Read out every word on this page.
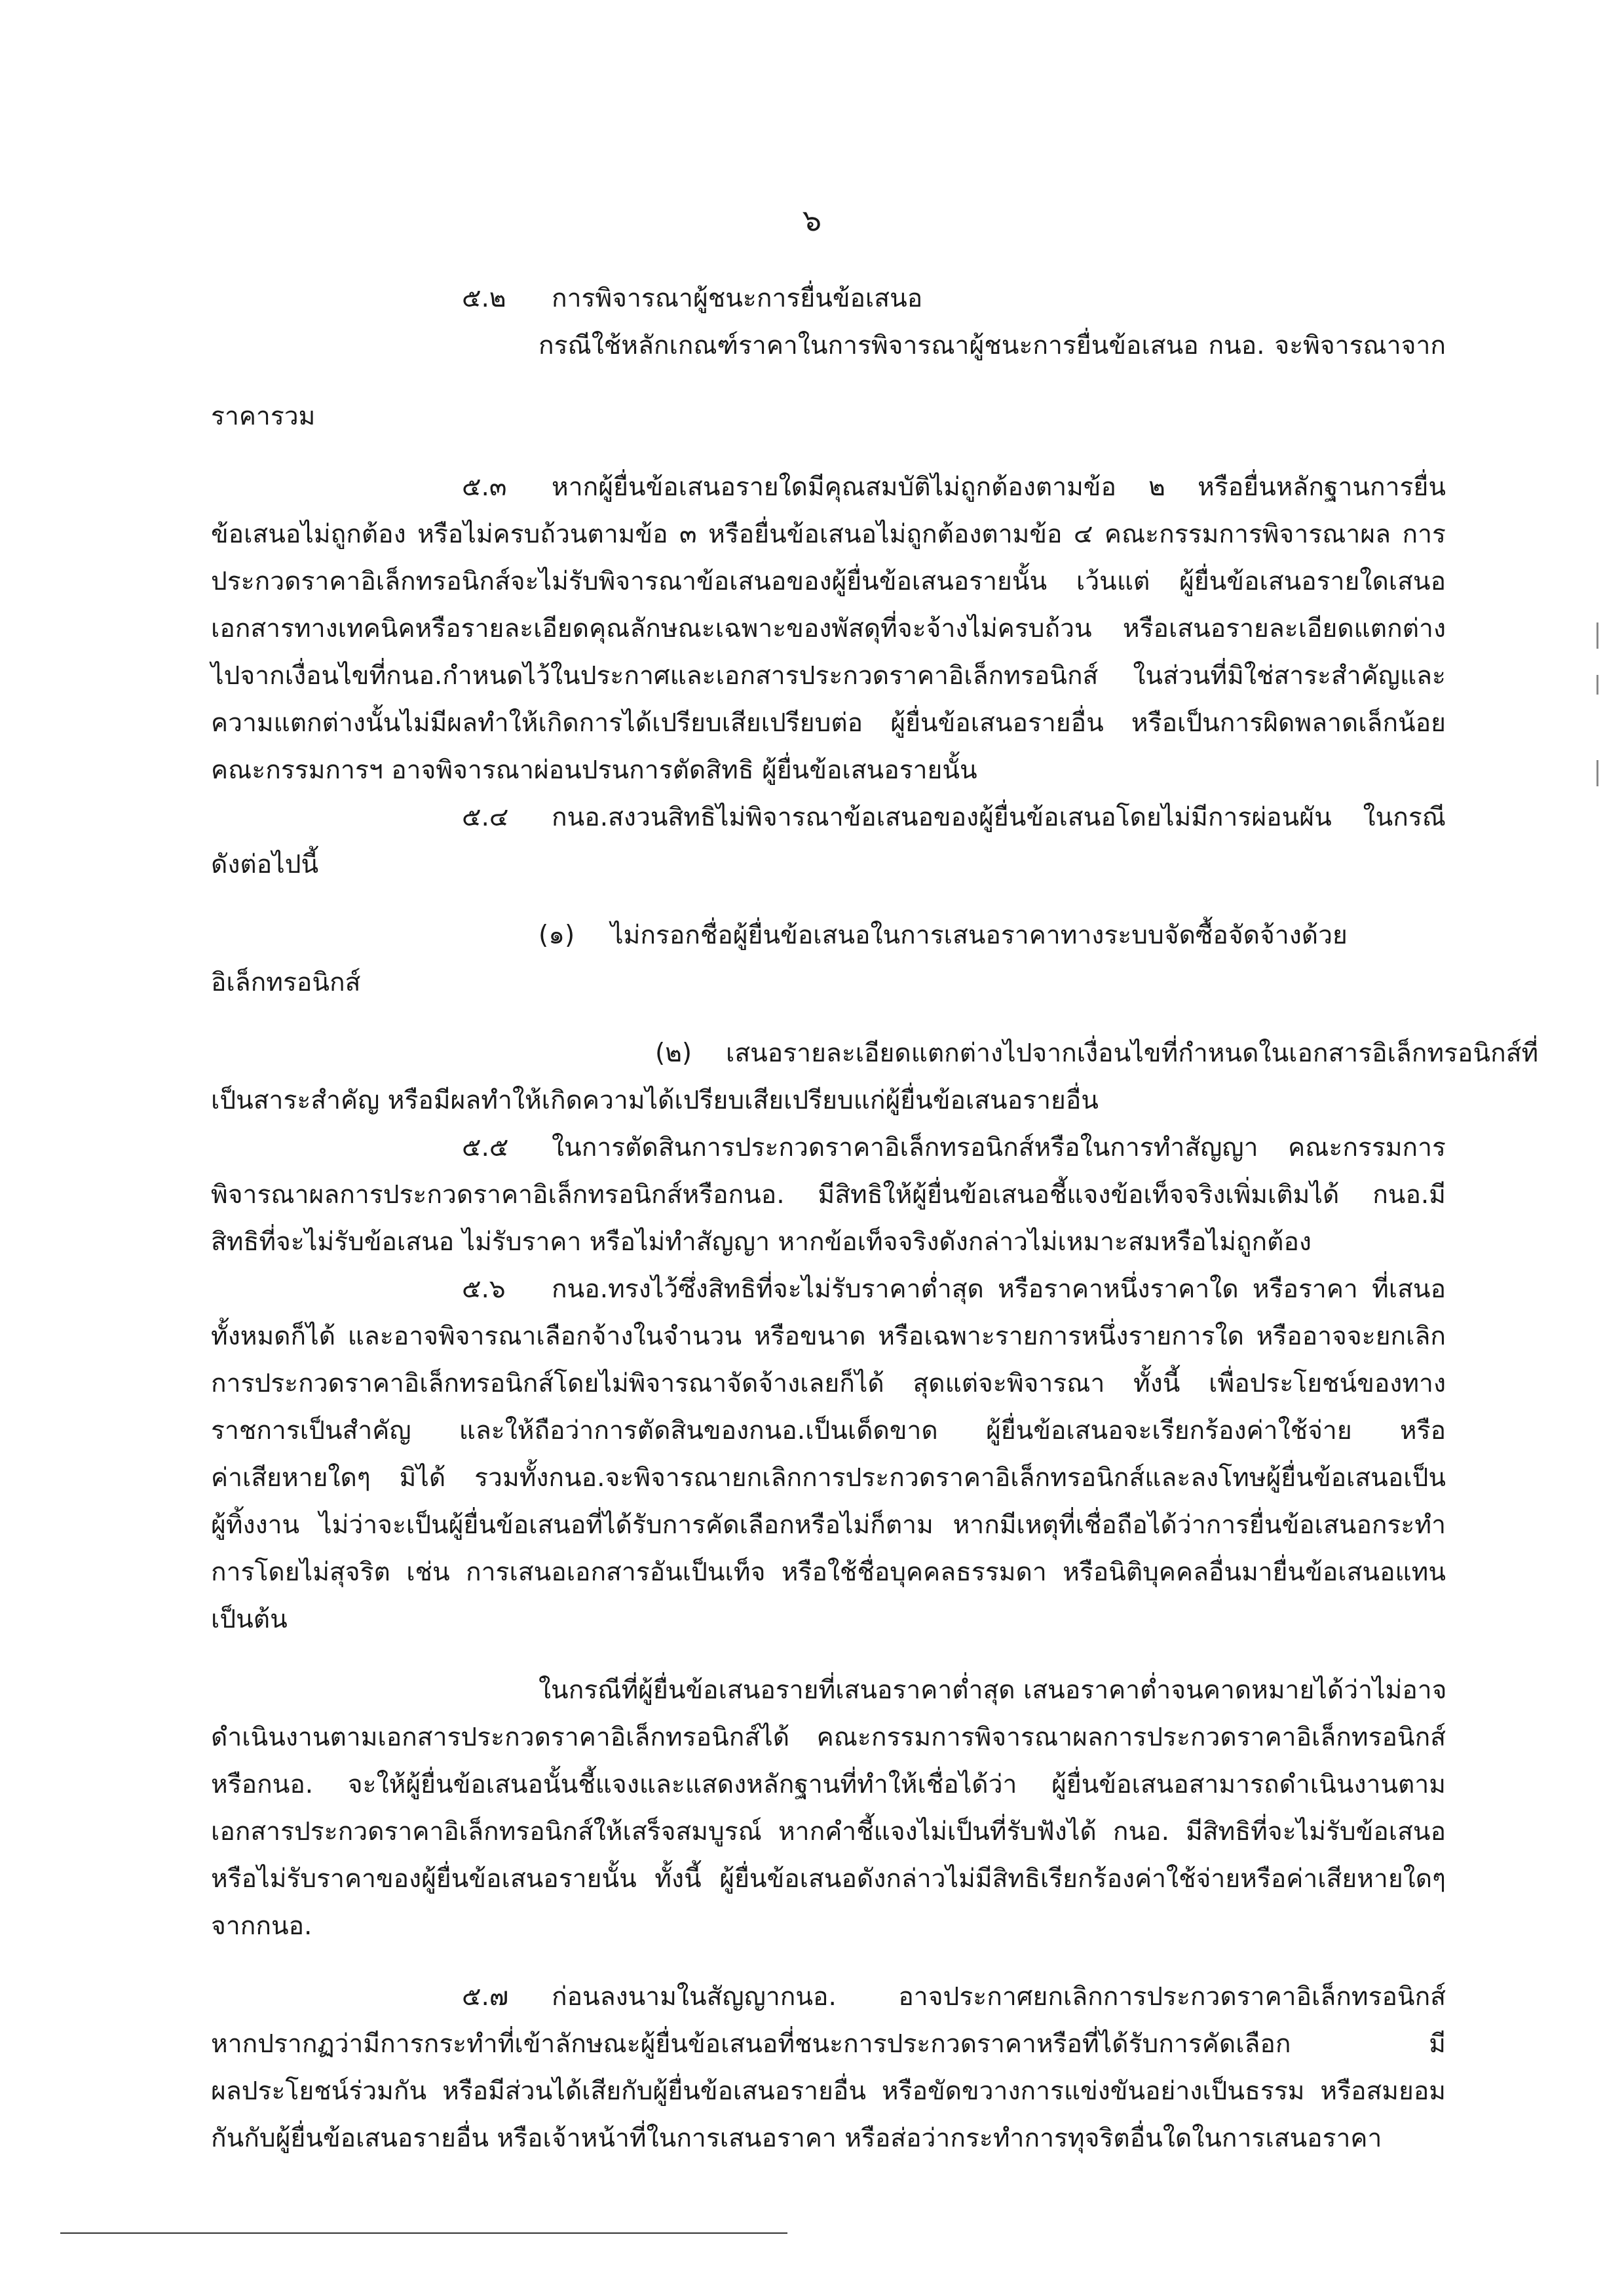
๖
๕.๒ การพิจารณาผู้ชนะการยื่นข้อเสนอ
กรณีใช้หลักเกณฑ์ราคาในการพิจารณาผู้ชนะการยื่นข้อเสนอ กนอ. จะพิจารณาจาก
ราคารวม
๕.๓ หากผู้ยื่นข้อเสนอรายใดมีคุณสมบัติไม่ถูกต้องตามข้อ ๒ หรือยื่นหลักฐานการยื่น
ข้อเสนอไม่ถูกต้อง หรือไม่ครบถ้วนตามข้อ ๓ หรือยื่นข้อเสนอไม่ถูกต้องตามข้อ ๔ คณะกรรมการพิจารณาผล การ
ประกวดราคาอิเล็กทรอนิกส์จะไม่รับพิจารณาข้อเสนอของผู้ยื่นข้อเสนอรายนั้น เว้นแต่ ผู้ยื่นข้อเสนอรายใดเสนอ
เอกสารทางเทคนิคหรือรายละเอียดคุณลักษณะเฉพาะของพัสดุที่จะจ้างไม่ครบถ้วน หรือเสนอรายละเอียดแตกต่าง
ไปจากเงื่อนไขที่กนอ.กำหนดไว้ในประกาศและเอกสารประกวดราคาอิเล็กทรอนิกส์ ในส่วนที่มิใช่สาระสำคัญและ
ความแตกต่างนั้นไม่มีผลทำให้เกิดการได้เปรียบเสียเปรียบต่อ ผู้ยื่นข้อเสนอรายอื่น หรือเป็นการผิดพลาดเล็กน้อย
คณะกรรมการฯ อาจพิจารณาผ่อนปรนการตัดสิทธิ ผู้ยื่นข้อเสนอรายนั้น
๕.๔ กนอ.สงวนสิทธิไม่พิจารณาข้อเสนอของผู้ยื่นข้อเสนอโดยไม่มีการผ่อนผัน ในกรณี
ดังต่อไปนี้
(๑) ไม่กรอกชื่อผู้ยื่นข้อเสนอในการเสนอราคาทางระบบจัดซื้อจัดจ้างด้วย
อิเล็กทรอนิกส์
(๒) เสนอรายละเอียดแตกต่างไปจากเงื่อนไขที่กำหนดในเอกสารอิเล็กทรอนิกส์ที่
เป็นสาระสำคัญ หรือมีผลทำให้เกิดความได้เปรียบเสียเปรียบแก่ผู้ยื่นข้อเสนอรายอื่น
๕.๕ ในการตัดสินการประกวดราคาอิเล็กทรอนิกส์หรือในการทำสัญญา คณะกรรมการ
พิจารณาผลการประกวดราคาอิเล็กทรอนิกส์หรือกนอ. มีสิทธิให้ผู้ยื่นข้อเสนอชี้แจงข้อเท็จจริงเพิ่มเติมได้ กนอ.มี
สิทธิที่จะไม่รับข้อเสนอ ไม่รับราคา หรือไม่ทำสัญญา หากข้อเท็จจริงดังกล่าวไม่เหมาะสมหรือไม่ถูกต้อง
๕.๖ กนอ.ทรงไว้ซึ่งสิทธิที่จะไม่รับราคาต่ำสุด หรือราคาหนึ่งราคาใด หรือราคา ที่เสนอ
ทั้งหมดก็ได้ และอาจพิจารณาเลือกจ้างในจำนวน หรือขนาด หรือเฉพาะรายการหนึ่งรายการใด หรืออาจจะยกเลิก
การประกวดราคาอิเล็กทรอนิกส์โดยไม่พิจารณาจัดจ้างเลยก็ได้ สุดแต่จะพิจารณา ทั้งนี้ เพื่อประโยชน์ของทาง
ราชการเป็นสำคัญ และให้ถือว่าการตัดสินของกนอ.เป็นเด็ดขาด ผู้ยื่นข้อเสนอจะเรียกร้องค่าใช้จ่าย หรือ
ค่าเสียหายใดๆ มิได้ รวมทั้งกนอ.จะพิจารณายกเลิกการประกวดราคาอิเล็กทรอนิกส์และลงโทษผู้ยื่นข้อเสนอเป็น
ผู้ทิ้งงาน ไม่ว่าจะเป็นผู้ยื่นข้อเสนอที่ได้รับการคัดเลือกหรือไม่ก็ตาม หากมีเหตุที่เชื่อถือได้ว่าการยื่นข้อเสนอกระทำ
การโดยไม่สุจริต เช่น การเสนอเอกสารอันเป็นเท็จ หรือใช้ชื่อบุคคลธรรมดา หรือนิติบุคคลอื่นมายื่นข้อเสนอแทน
เป็นต้น
ในกรณีที่ผู้ยื่นข้อเสนอรายที่เสนอราคาต่ำสุด เสนอราคาต่ำจนคาดหมายได้ว่าไม่อาจ
ดำเนินงานตามเอกสารประกวดราคาอิเล็กทรอนิกส์ได้ คณะกรรมการพิจารณาผลการประกวดราคาอิเล็กทรอนิกส์
หรือกนอ. จะให้ผู้ยื่นข้อเสนอนั้นชี้แจงและแสดงหลักฐานที่ทำให้เชื่อได้ว่า ผู้ยื่นข้อเสนอสามารถดำเนินงานตาม
เอกสารประกวดราคาอิเล็กทรอนิกส์ให้เสร็จสมบูรณ์ หากคำชี้แจงไม่เป็นที่รับฟังได้ กนอ. มีสิทธิที่จะไม่รับข้อเสนอ
หรือไม่รับราคาของผู้ยื่นข้อเสนอรายนั้น ทั้งนี้ ผู้ยื่นข้อเสนอดังกล่าวไม่มีสิทธิเรียกร้องค่าใช้จ่ายหรือค่าเสียหายใดๆ
จากกนอ.
๕.๗ ก่อนลงนามในสัญญากนอ. อาจประกาศยกเลิกการประกวดราคาอิเล็กทรอนิกส์
หากปรากฏว่ามีการกระทำที่เข้าลักษณะผู้ยื่นข้อเสนอที่ชนะการประกวดราคาหรือที่ได้รับการคัดเลือก มี
ผลประโยชน์ร่วมกัน หรือมีส่วนได้เสียกับผู้ยื่นข้อเสนอรายอื่น หรือขัดขวางการแข่งขันอย่างเป็นธรรม หรือสมยอม
กันกับผู้ยื่นข้อเสนอรายอื่น หรือเจ้าหน้าที่ในการเสนอราคา หรือส่อว่ากระทำการทุจริตอื่นใดในการเสนอราคา
